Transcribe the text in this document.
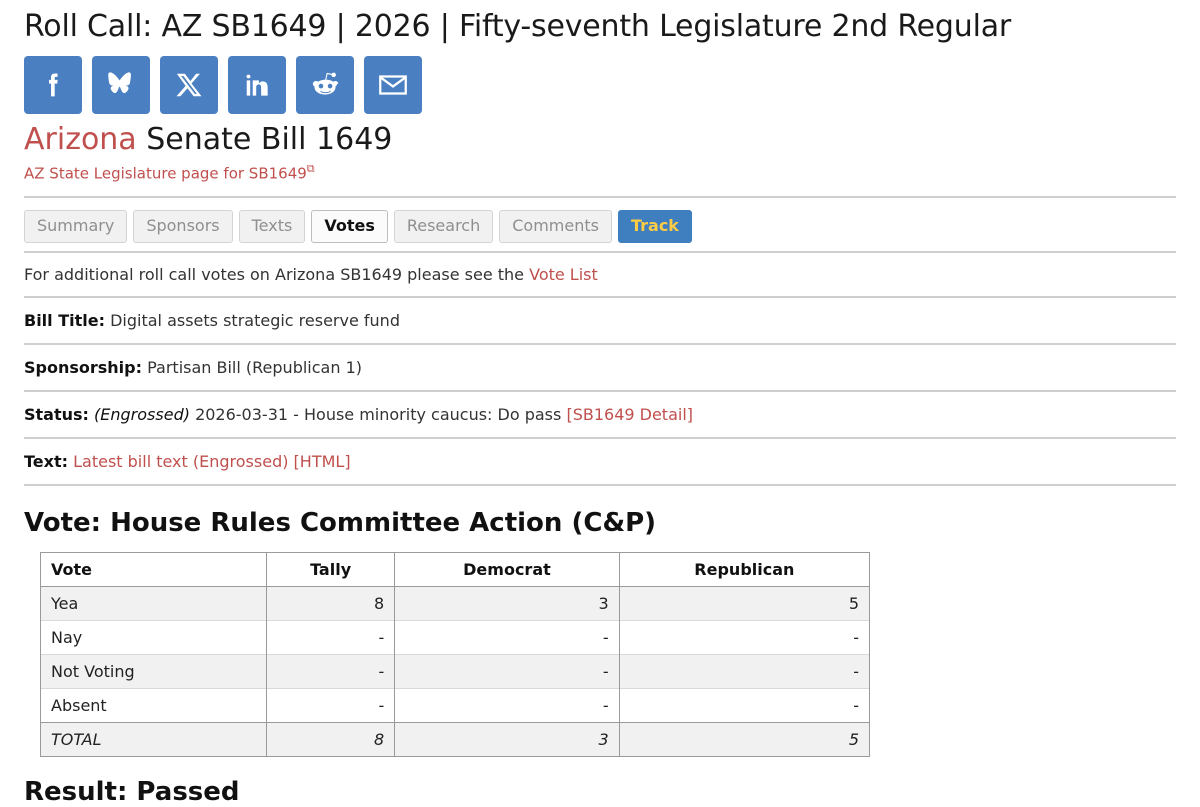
Roll Call: AZ SB1649 | 2026 | Fifty-seventh Legislature 2nd Regular
Arizona Senate Bill 1649
AZ State Legislature page for SB1649⧉
Summary	Sponsors	Texts	Votes	Research	Comments	Track
For additional roll call votes on Arizona SB1649 please see the Vote List
Bill Title: Digital assets strategic reserve fund
Sponsorship: Partisan Bill (Republican 1)
Status: (Engrossed) 2026-03-31 - House minority caucus: Do pass [SB1649 Detail]
Text: Latest bill text (Engrossed) [HTML]
Vote: House Rules Committee Action (C&P)
Vote	Tally	Democrat	Republican
Yea	8	3	5
Nay	-	-	-
Not Voting	-	-	-
Absent	-	-	-
TOTAL	8	3	5
Result: Passed
